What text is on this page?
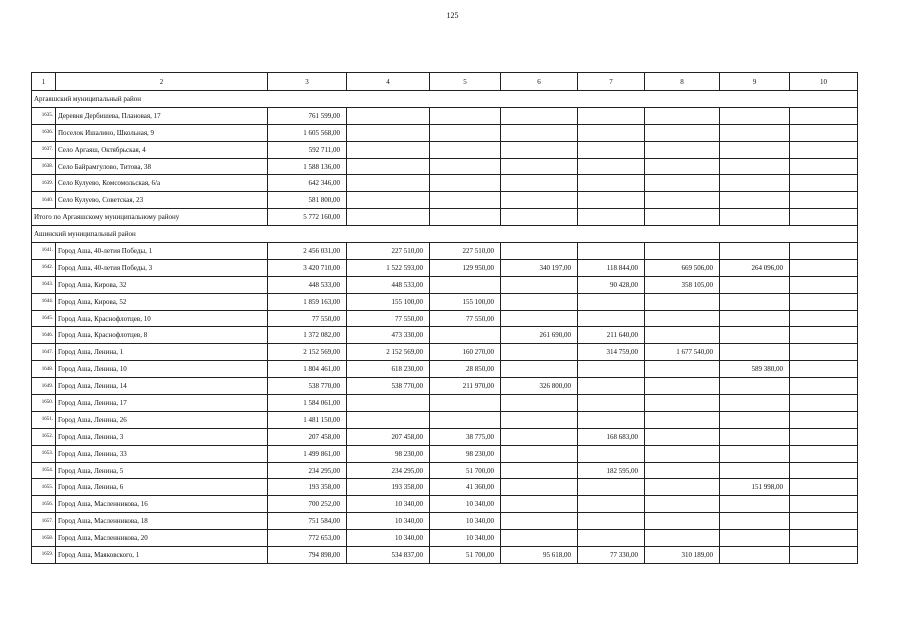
125
1	2	3	4	5	6	7	8	9	10
Аргаяшский муниципальный район									
1635.	Деревня Дербишева, Плановая, 17	761 599,00							
1636.	Поселок Ишалино, Школьная, 9	1 605 568,00							
1637.	Село Аргаяш, Октябрьская, 4	592 711,00							
1638.	Село Байрамгулово, Титова, 38	1 588 136,00							
1639.	Село Кулуево, Комсомольская, 6/а	642 346,00							
1640.	Село Кулуево, Советская, 23	581 800,00							
Итого по Аргаяшскому муниципальному району		5 772 160,00							
Ашинский муниципальный район									
1641.	Город Аша, 40-летия Победы, 1	2 456 031,00	227 510,00	227 510,00					
1642.	Город Аша, 40-летия Победы, 3	3 420 710,00	1 522 593,00	129 950,00	340 197,00	118 844,00	669 506,00	264 096,00	
1643.	Город Аша, Кирова, 32	448 533,00	448 533,00			90 428,00	358 105,00		
1644.	Город Аша, Кирова, 52	1 859 163,00	155 100,00	155 100,00					
1645.	Город Аша, Краснофлотцев, 10	77 550,00	77 550,00	77 550,00					
1646.	Город Аша, Краснофлотцев, 8	1 372 082,00	473 330,00		261 690,00	211 640,00			
1647.	Город Аша, Ленина, 1	2 152 569,00	2 152 569,00	160 270,00		314 759,00	1 677 540,00		
1648.	Город Аша, Ленина, 10	1 804 461,00	618 230,00	28 850,00				589 380,00	
1649.	Город Аша, Ленина, 14	538 770,00	538 770,00	211 970,00	326 800,00				
1650.	Город Аша, Ленина, 17	1 584 061,00							
1651.	Город Аша, Ленина, 26	1 481 150,00							
1652.	Город Аша, Ленина, 3	207 458,00	207 458,00	38 775,00		168 683,00			
1653.	Город Аша, Ленина, 33	1 499 861,00	98 230,00	98 230,00					
1654.	Город Аша, Ленина, 5	234 295,00	234 295,00	51 700,00		182 595,00			
1655.	Город Аша, Ленина, 6	193 358,00	193 358,00	41 360,00				151 998,00	
1656.	Город Аша, Масленникова, 16	700 252,00	10 340,00	10 340,00					
1657.	Город Аша, Масленникова, 18	751 584,00	10 340,00	10 340,00					
1658.	Город Аша, Масленникова, 20	772 653,00	10 340,00	10 340,00					
1659.	Город Аша, Маяковского, 1	794 898,00	534 837,00	51 700,00	95 618,00	77 330,00	310 189,00		
